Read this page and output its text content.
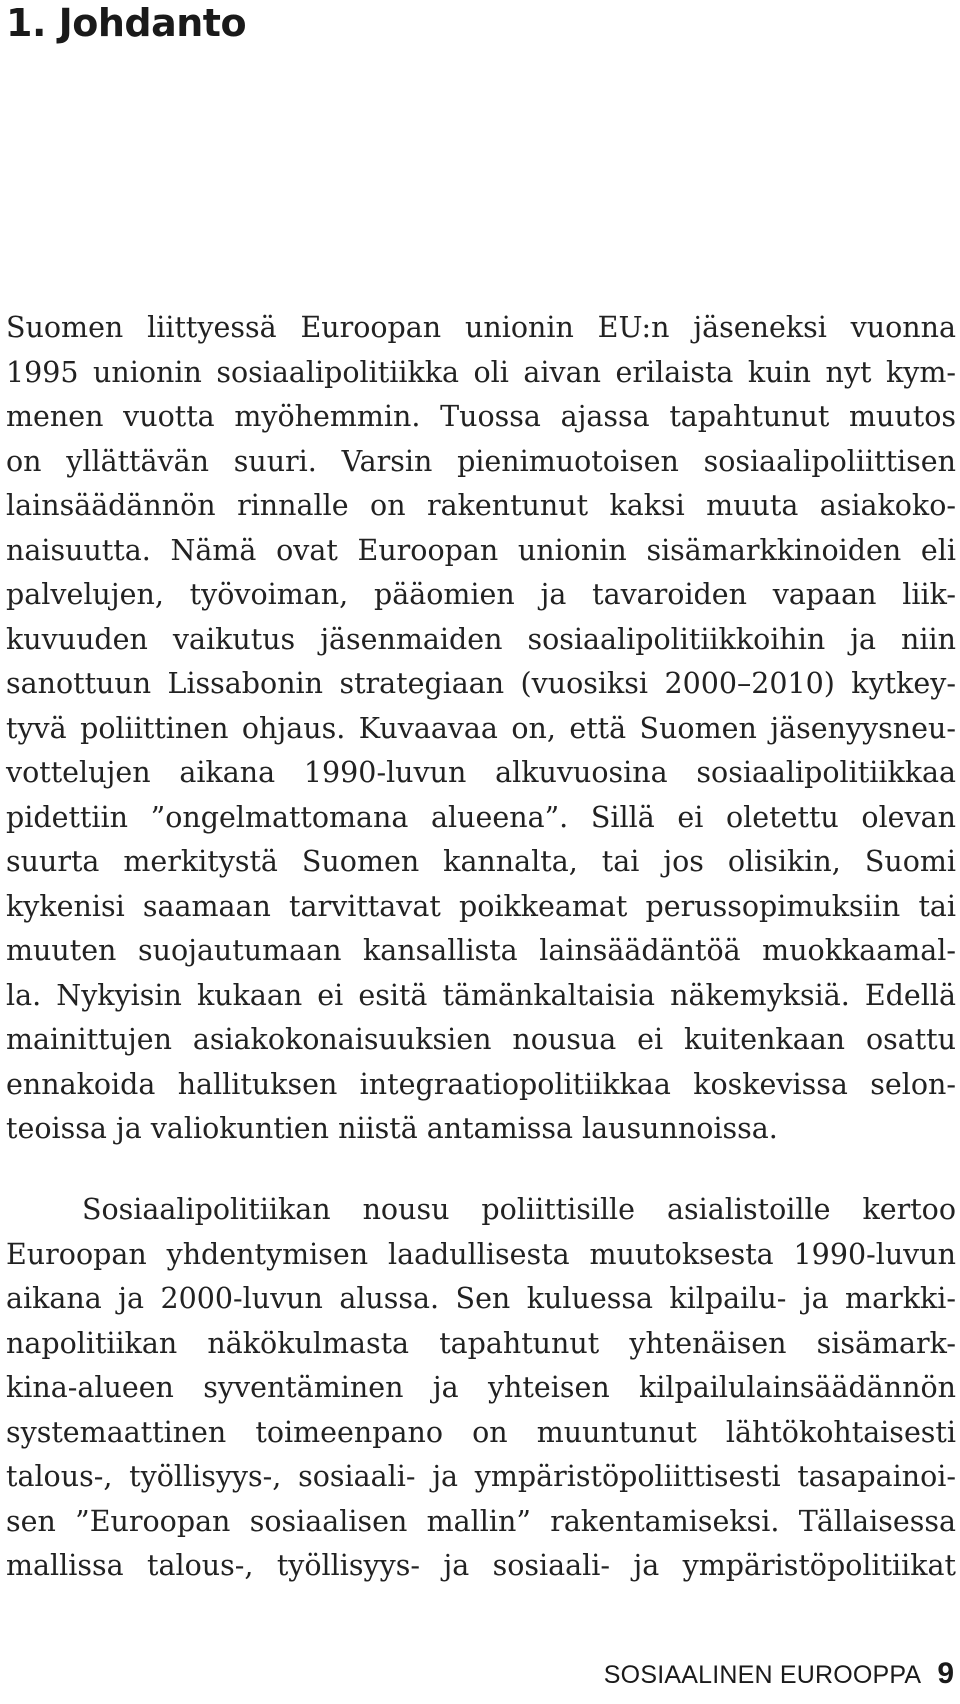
1. Johdanto
Suomen liittyessä Euroopan unionin EU:n jäseneksi vuonna
1995 unionin sosiaalipolitiikka oli aivan erilaista kuin nyt kym-
menen vuotta myöhemmin. Tuossa ajassa tapahtunut muutos
on yllättävän suuri. Varsin pienimuotoisen sosiaalipoliittisen
lainsäädännön rinnalle on rakentunut kaksi muuta asiakoko-
naisuutta. Nämä ovat Euroopan unionin sisämarkkinoiden eli
palvelujen, työvoiman, pääomien ja tavaroiden vapaan liik-
kuvuuden vaikutus jäsenmaiden sosiaalipolitiikkoihin ja niin
sanottuun Lissabonin strategiaan (vuosiksi 2000–2010) kytkey-
tyvä poliittinen ohjaus. Kuvaavaa on, että Suomen jäsenyysneu-
vottelujen aikana 1990-luvun alkuvuosina sosiaalipolitiikkaa
pidettiin ”ongelmattomana alueena”. Sillä ei oletettu olevan
suurta merkitystä Suomen kannalta, tai jos olisikin, Suomi
kykenisi saamaan tarvittavat poikkeamat perussopimuksiin tai
muuten suojautumaan kansallista lainsäädäntöä muokkaamal-
la. Nykyisin kukaan ei esitä tämänkaltaisia näkemyksiä. Edellä
mainittujen asiakokonaisuuksien nousua ei kuitenkaan osattu
ennakoida hallituksen integraatiopolitiikkaa koskevissa selon-
teoissa ja valiokuntien niistä antamissa lausunnoissa.
Sosiaalipolitiikan nousu poliittisille asialistoille kertoo
Euroopan yhdentymisen laadullisesta muutoksesta 1990-luvun
aikana ja 2000-luvun alussa. Sen kuluessa kilpailu- ja markki-
napolitiikan näkökulmasta tapahtunut yhtenäisen sisämark-
kina-alueen syventäminen ja yhteisen kilpailulainsäädännön
systemaattinen toimeenpano on muuntunut lähtökohtaisesti
talous-, työllisyys-, sosiaali- ja ympäristöpoliittisesti tasapainoi-
sen ”Euroopan sosiaalisen mallin” rakentamiseksi. Tällaisessa
mallissa talous-, työllisyys- ja sosiaali- ja ympäristöpolitiikat
SOSIAALINEN EUROOPPA 9
